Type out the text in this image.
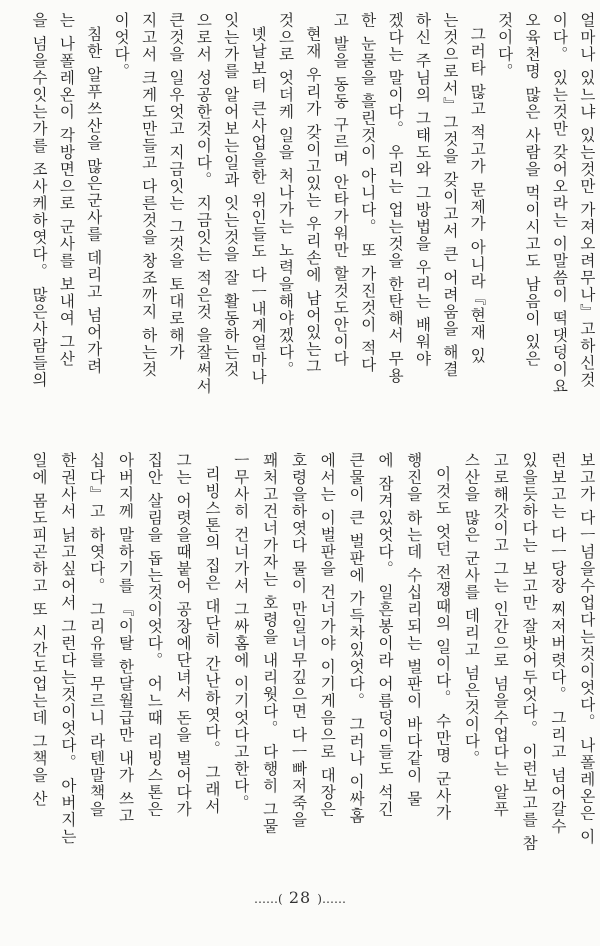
얼마나 있느냐 있는것만 가져오려무나』고하신것
이다。 있는것만 갖어오라는 이말씀이 떡댓덩이요
오육천명 많은 사람을 먹이시고도 남음이 있은
것이다。
그러타 많고 적고가 문제가 아니라『현재 있
는것으로서』그것을 갖이고서 큰 어려움을 해결
하신 주님의 그태도와 그방법을 우리는 배워야
겠다는 말이다。 우리는 업는것을 한탄해서 무용
한 눈물을 흘린것이 아니다。 또 가진것이 적다
고 발을 동동 구르며 안타가워만 할것도안이다
현재 우리가 갖이고있는 우리손에 남어있는그
것으로 엇더케 일을 처나가는 노력을해야겠다。
녯날보터 큰사업을한 위인들도 다ㅡ내게얼마나
잇는가를 알어보는일과 잇는것을 잘 활동하는것
으로서 성공한것이다。 지금잇는 적은것 을잘써서
큰것을 일우엇고 지금잇는 그것을 토대로해가
지고서 크게도만들고 다른것을 창조까지 하는것
이엇다。
침한 알푸쓰산을 많은군사를 데리고 넘어가려
는 나폴레온이 각방면으로 군사를 보내여 그산
을 넘을수잇는가를 조사케하엿다。 많은사람들의
보고가 다ㅡ넘을수업다는것이엇다。 나폴레온은 이
런보고는 다ㅡ당장 찌저버렷다。 그리고 넘어갈수
있을듯하다는 보고만 잘밧어두엇다。 이런보고를 참
고로해갓이고 그는 인간으로 넘을수업다는 알푸
스산을 많은 군사를 데리고 넘은것이다。
이것도 엇던 전쟁때의 일이다。 수만명 군사가
행진을 하는데 수십리되는 벌판이 바다같이 물
에 잠겨있엇다。 일흔봉이라 어름덩이들도 석긴
큰물이 큰 벌판에 가득차있엇다。 그러나 이싸홈
에서는 이벌판을 건너가야 이기게음으로 대장은
호령을하엿다 물이 만일너무깊으면 다ㅡ빠저죽을
꽤처고건너가자는 호령을 내리웟다。 다행히 그물
ㅡ무사히 건너가서 그싸홈에 이기엇다고한다。
리빙스톤의 집은 대단히 간난하엿다。 그래서
그는 어렷을때붙어 공장에단녀서 돈을 벌어다가
집안 살림을 돕는것이엇다。 어느때 리빙스톤은
아버지께 말하기를 『이탈 한달월급만 내가 쓰고
십다』고 하엿다。 그리유를 무르니 라텐말책을
한권사서 닑고싶어서 그런다는것이엇다。 아버지는
일에 몸도피곤하고 또 시간도업는데 그책을 산
……( 28 )……
